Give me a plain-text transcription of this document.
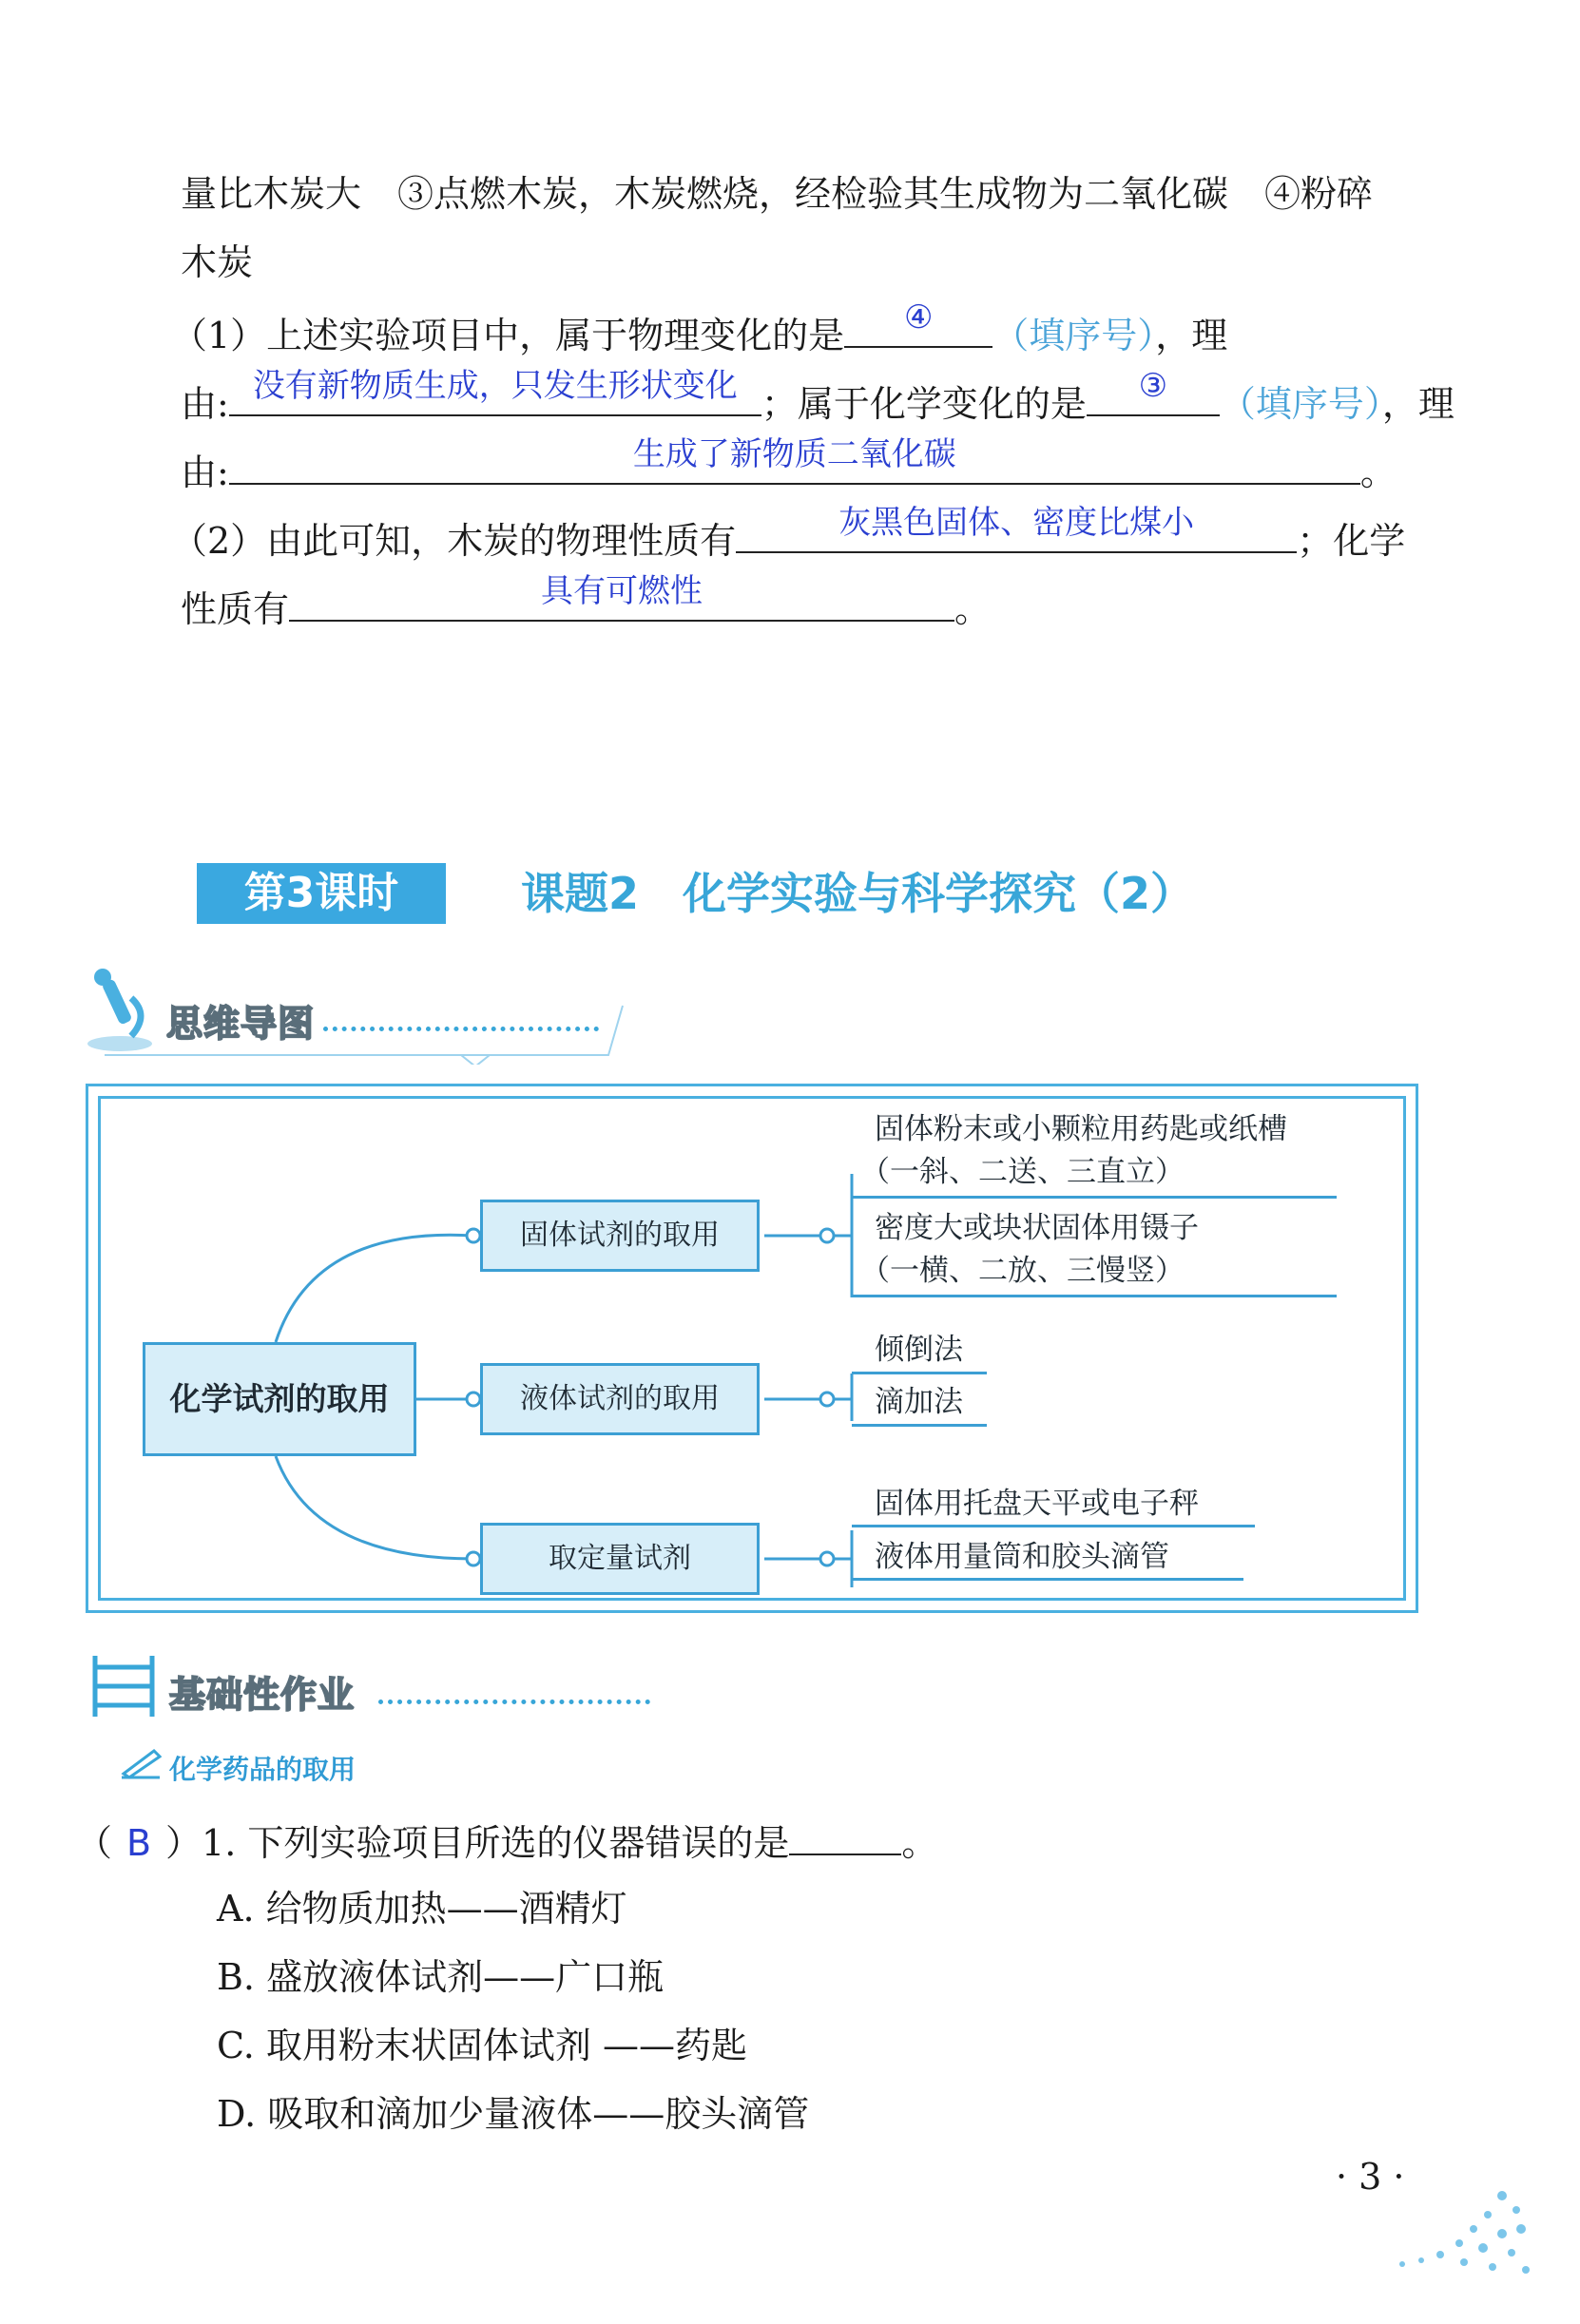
量比木炭大　③点燃木炭，木炭燃烧，经检验其生成物为二氧化碳　④粉碎
木炭
（1）上述实验项目中，属于物理变化的是	④	（填序号），理
由: 没有新物质生成，只发生形状变化 ；属于化学变化的是	③	（填序号），理
由:	生成了新物质二氧化碳	。
（2）由此可知，木炭的物理性质有	灰黑色固体、密度比煤小	；化学
性质有	具有可燃性	。
第3课时	课题2　化学实验与科学探究（2）
思维导图
化学试剂的取用
固体试剂的取用
液体试剂的取用
取定量试剂
固体粉末或小颗粒用药匙或纸槽
（一斜、二送、三直立）
密度大或块状固体用镊子
（一横、二放、三慢竖）
倾倒法
滴加法
固体用托盘天平或电子秤
液体用量筒和胶头滴管
基础性作业
化学药品的取用
（ B ）1. 下列实验项目所选的仪器错误的是	。
A. 给物质加热——酒精灯
B. 盛放液体试剂——广口瓶
C. 取用粉末状固体试剂 ——药匙
D. 吸取和滴加少量液体——胶头滴管
· 3 ·
